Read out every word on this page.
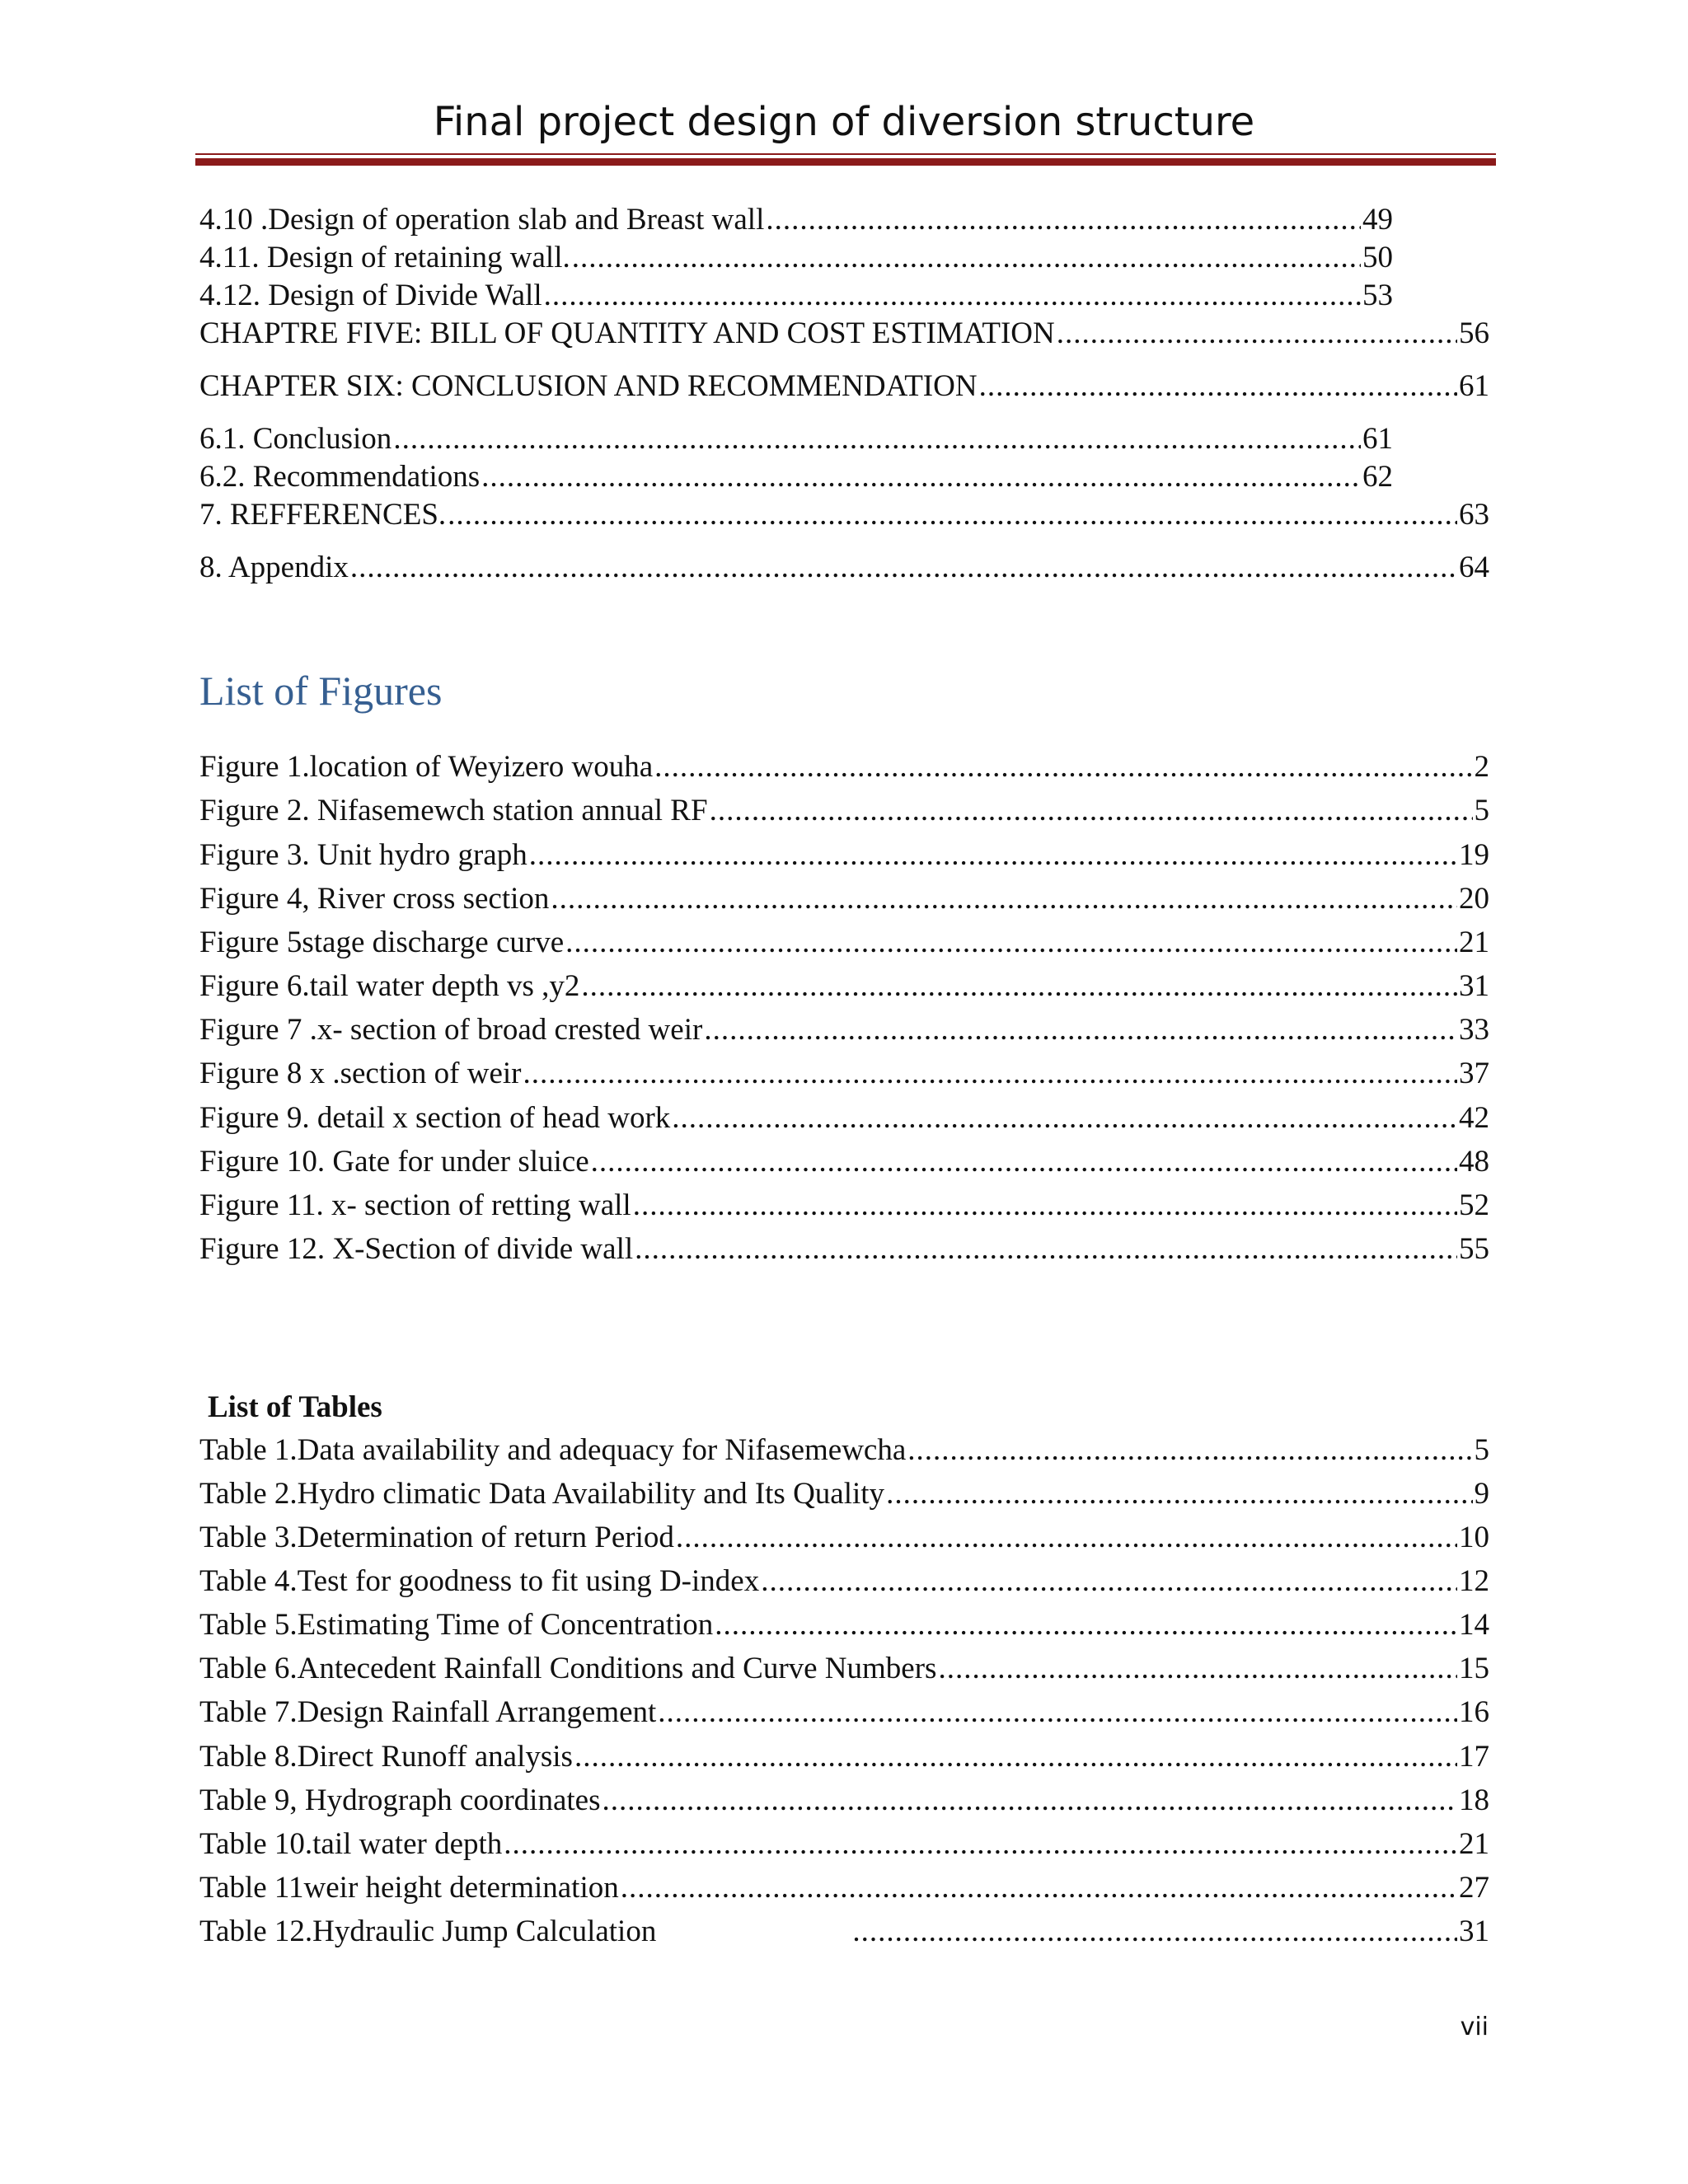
Final project design of diversion structure
4.10 .Design of operation slab and Breast wall .....	49
4.11. Design of retaining wall. .....	50
4.12. Design of Divide Wall .....	53
CHAPTRE FIVE: BILL OF QUANTITY AND COST ESTIMATION .....	56
CHAPTER SIX: CONCLUSION AND RECOMMENDATION .....	61
6.1. Conclusion .....	61
6.2. Recommendations .....	62
7. REFFERENCES. .....	63
8. Appendix .....	64
List of Figures
Figure 1.location of Weyizero wouha .....	2
Figure 2. Nifasemewch station annual RF .....	5
Figure 3. Unit hydro graph .....	19
Figure 4, River cross section .....	20
Figure 5stage discharge curve .....	21
Figure 6.tail water depth vs ,y2 .....	31
Figure 7 .x- section of broad crested weir .....	33
Figure 8 x .section of weir .....	37
Figure 9. detail x section of head work .....	42
Figure 10. Gate for under sluice .....	48
Figure 11. x- section of retting wall .....	52
Figure 12. X-Section of divide wall .....	55
List of Tables
Table 1.Data availability and adequacy for Nifasemewcha .....	5
Table 2.Hydro climatic Data Availability and Its Quality .....	9
Table 3.Determination of return Period .....	10
Table 4.Test for goodness to fit using D-index .....	12
Table 5.Estimating Time of Concentration .....	14
Table 6.Antecedent Rainfall Conditions and Curve Numbers .....	15
Table 7.Design Rainfall Arrangement .....	16
Table 8.Direct Runoff analysis .....	17
Table 9, Hydrograph coordinates .....	18
Table 10.tail water depth .....	21
Table 11weir height determination .....	27
Table 12.Hydraulic Jump Calculation .....	31
vii
